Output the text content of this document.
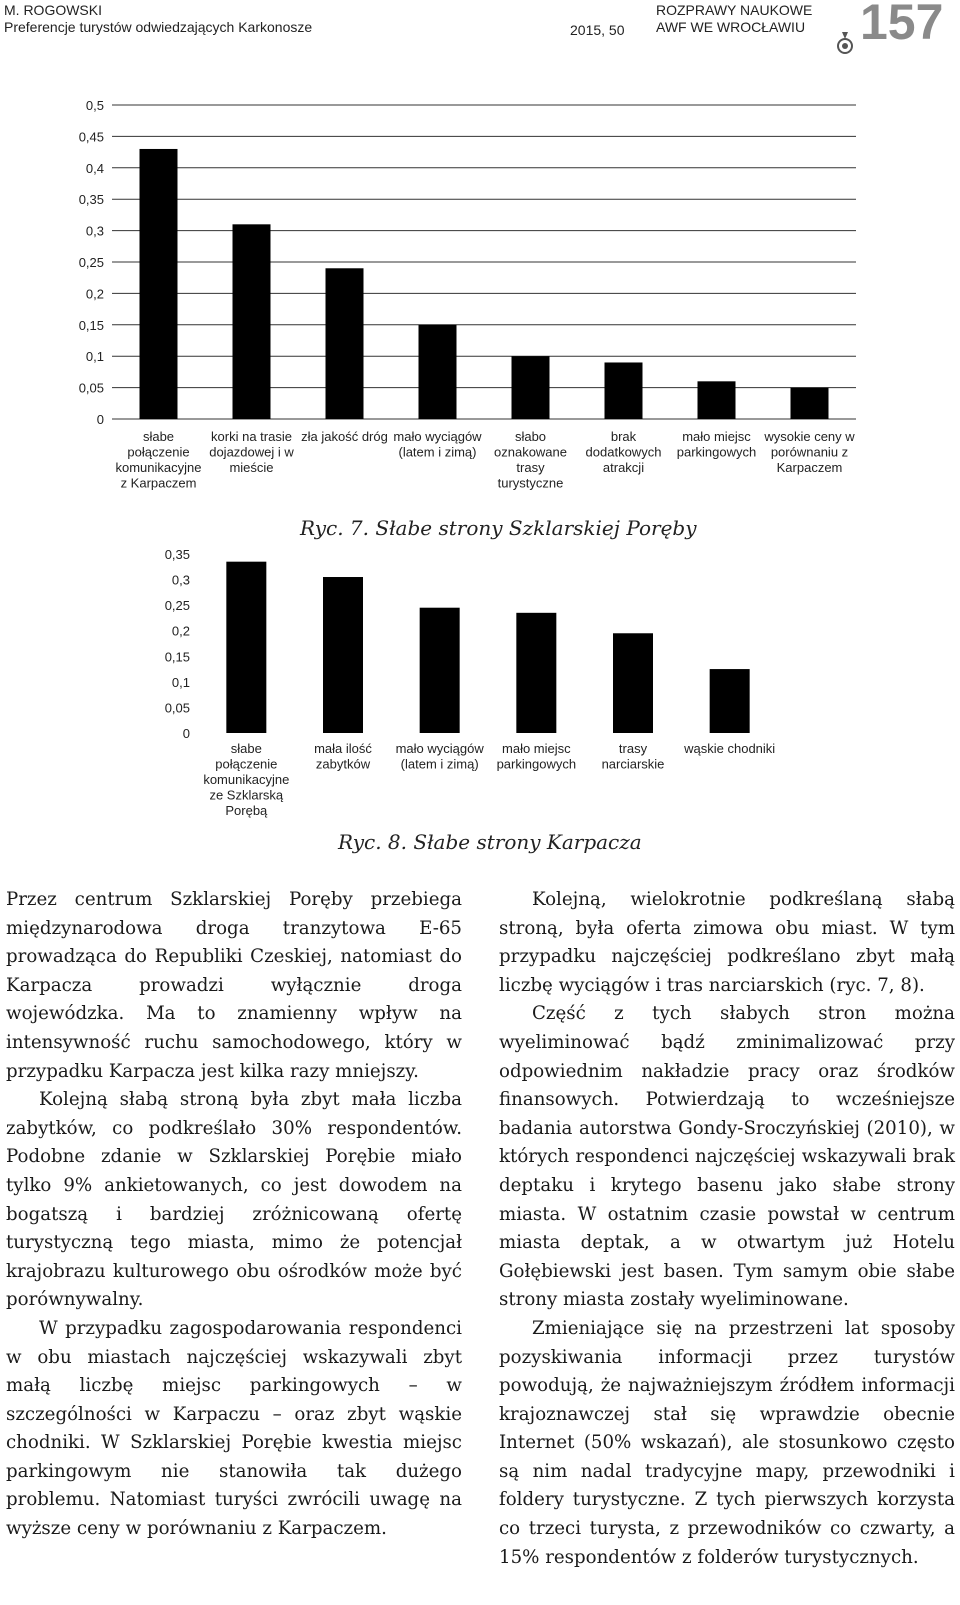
M. ROGOWSKI
Preferencje turystów odwiedzających Karkonosze	2015, 50
ROZPRAWY NAUKOWE
AWF WE WROCŁAWIU 157
0
0,05
0,1
0,15
0,2
0,25
0,3
0,35
0,4
0,45
0,5
słabe połączenie komunikacyjne z Karpaczem
korki na trasie dojazdowej i w mieście
zła jakość dróg mało wyciągów (latem i zimą)
słabo oznakowane trasy turystyczne
brak dodatkowych atrakcji
mało miejsc parkingowych
wysokie ceny w porównaniu z Karpaczem
Ryc. 7. Słabe strony Szklarskiej Poręby
0
0,05
0,1
0,15
0,2
0,25
0,3
0,35
słabe połączenie komunikacyjne ze Szklarską Porębą
mała ilość zabytków
mało wyciągów (latem i zimą)
mało miejsc parkingowych
trasy narciarskie
wąskie chodniki
Ryc. 8. Słabe strony Karpacza

Przez centrum Szklarskiej Poręby przebiega międzynarodowa droga tranzytowa E-65 prowadząca do Republiki Czeskiej, natomiast do Karpacza prowadzi wyłącznie droga wojewódzka. Ma to znamienny wpływ na intensywność ruchu samochodowego, który w przypadku Karpacza jest kilka razy mniejszy.

Kolejną słabą stroną była zbyt mała liczba zabytków, co podkreślało 30% respondentów. Podobne zdanie w Szklarskiej Porębie miało tylko 9% ankietowanych, co jest dowodem na bogatszą i bardziej zróżnicowaną ofertę turystyczną tego miasta, mimo że potencjał krajobrazu kulturowego obu ośrodków może być porównywalny.

W przypadku zagospodarowania respondenci w obu miastach najczęściej wskazywali zbyt małą liczbę miejsc parkingowych – w szczególności w Karpaczu – oraz zbyt wąskie chodniki. W Szklarskiej Porębie kwestia miejsc parkingowym nie stanowiła tak dużego problemu. Natomiast turyści zwrócili uwagę na wyższe ceny w porównaniu z Karpaczem.

Kolejną, wielokrotnie podkreślaną słabą stroną, była oferta zimowa obu miast. W tym przypadku najczęściej podkreślano zbyt małą liczbę wyciągów i tras narciarskich (ryc. 7, 8).

Część z tych słabych stron można wyeliminować bądź zminimalizować przy odpowiednim nakładzie pracy oraz środków finansowych. Potwierdzają to wcześniejsze badania autorstwa Gondy-Sroczyńskiej (2010), w których respondenci najczęściej wskazywali brak deptaku i krytego basenu jako słabe strony miasta. W ostatnim czasie powstał w centrum miasta deptak, a w otwartym już Hotelu Gołębiewski jest basen. Tym samym obie słabe strony miasta zostały wyeliminowane.

Zmieniające się na przestrzeni lat sposoby pozyskiwania informacji przez turystów powodują, że najważniejszym źródłem informacji krajoznawczej stał się wprawdzie obecnie Internet (50% wskazań), ale stosunkowo często są nim nadal tradycyjne mapy, przewodniki i foldery turystyczne. Z tych pierwszych korzysta co trzeci turysta, z przewodników co czwarty, a 15% respondentów z folderów turystycznych.
